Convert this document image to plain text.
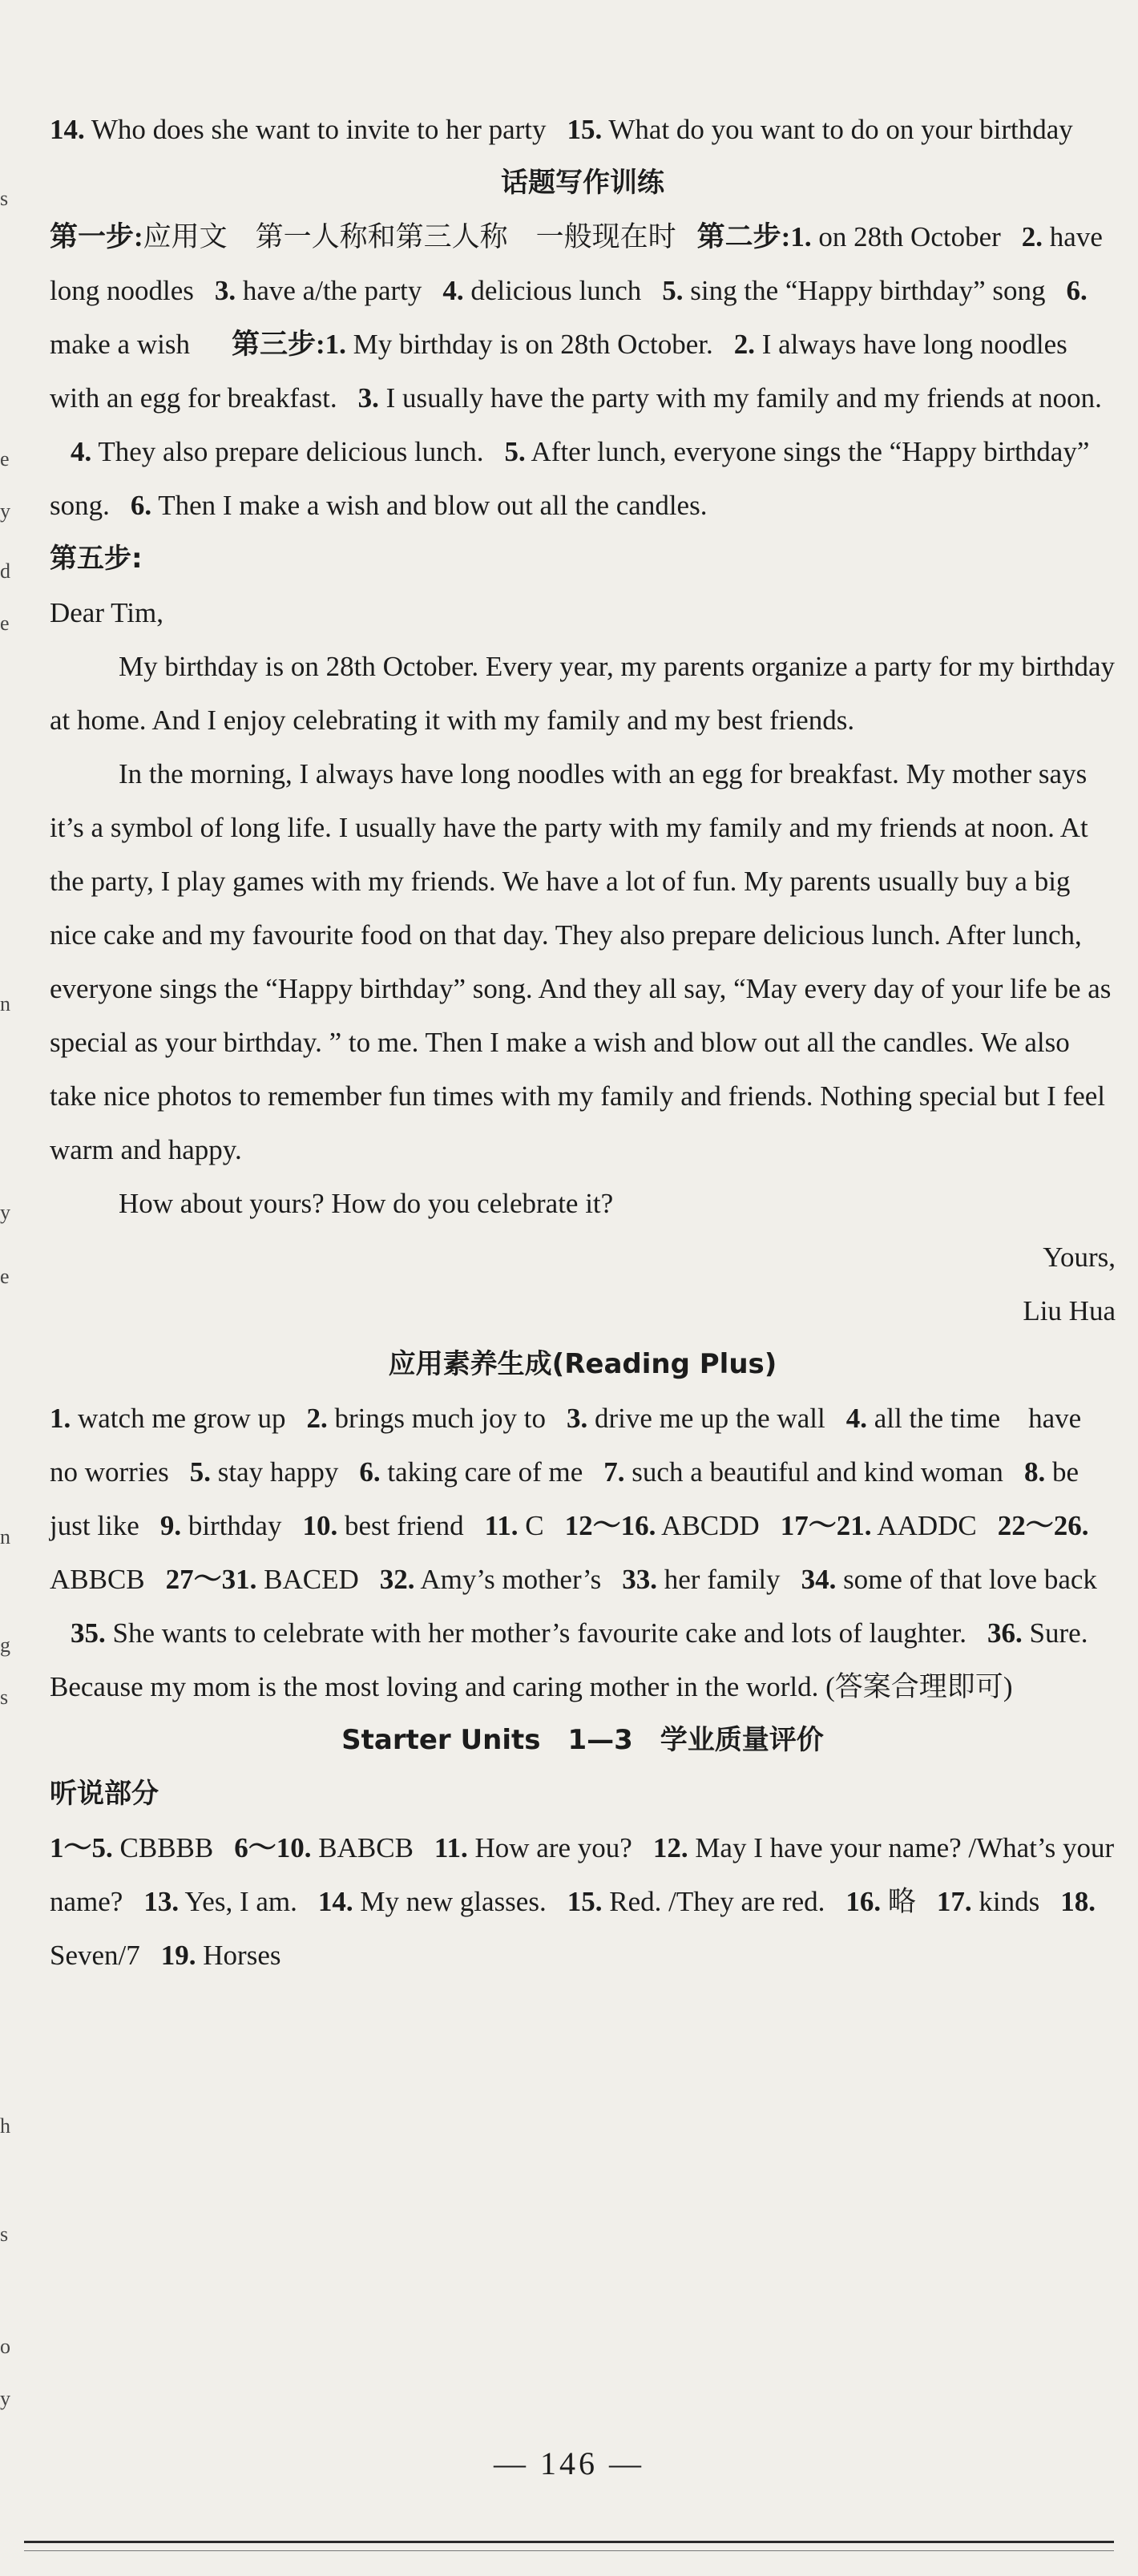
14. Who does she want to invite to her party 15. What do you want to do on your birthday

话题写作训练

第一步:应用文　第一人称和第三人称　一般现在时 第二步:1. on 28th October 2. have long noodles 3. have a/the party 4. delicious lunch 5. sing the “Happy birthday” song 6. make a wish 第三步:1. My birthday is on 28th October. 2. I always have long noodles with an egg for breakfast. 3. I usually have the party with my family and my friends at noon.4. They also prepare delicious lunch. 5. After lunch, everyone sings the “Happy birthday” song. 6. Then I make a wish and blow out all the candles.

第五步:

Dear Tim,

My birthday is on 28th October. Every year, my parents organize a party for my birthday at home. And I enjoy celebrating it with my family and my best friends.

In the morning, I always have long noodles with an egg for breakfast. My mother says it’s a symbol of long life. I usually have the party with my family and my friends at noon. At the party, I play games with my friends. We have a lot of fun. My parents usually buy a big nice cake and my favourite food on that day. They also prepare delicious lunch. After lunch, everyone sings the “Happy birthday” song. And they all say, “May every day of your life be as special as your birthday. ” to me. Then I make a wish and blow out all the candles. We also take nice photos to remember fun times with my family and friends. Nothing special but I feel warm and happy.

How about yours? How do you celebrate it?

Yours,

Liu Hua

应用素养生成(Reading Plus)

1. watch me grow up 2. brings much joy to 3. drive me up the wall 4. all the time　have no worries 5. stay happy 6. taking care of me 7. such a beautiful and kind woman 8. be just like 9. birthday 10. best friend 11. C 12～16. ABCDD 17～21. AADDC 22～26. ABBCB 27～31. BACED 32. Amy’s mother’s 33. her family 34. some of that love back35. She wants to celebrate with her mother’s favourite cake and lots of laughter. 36. Sure. Because my mom is the most loving and caring mother in the world. (答案合理即可)

Starter Units　1—3　学业质量评价

听说部分

1～5. CBBBB 6～10. BABCB 11. How are you? 12. May I have your name? /What’s your name? 13. Yes, I am. 14. My new glasses. 15. Red. /They are red. 16. 略 17. kinds 18. Seven/7 19. Horses

— 146 —
s
e
y
d
e
n
y
e
n
g
s
h
s
o
y
